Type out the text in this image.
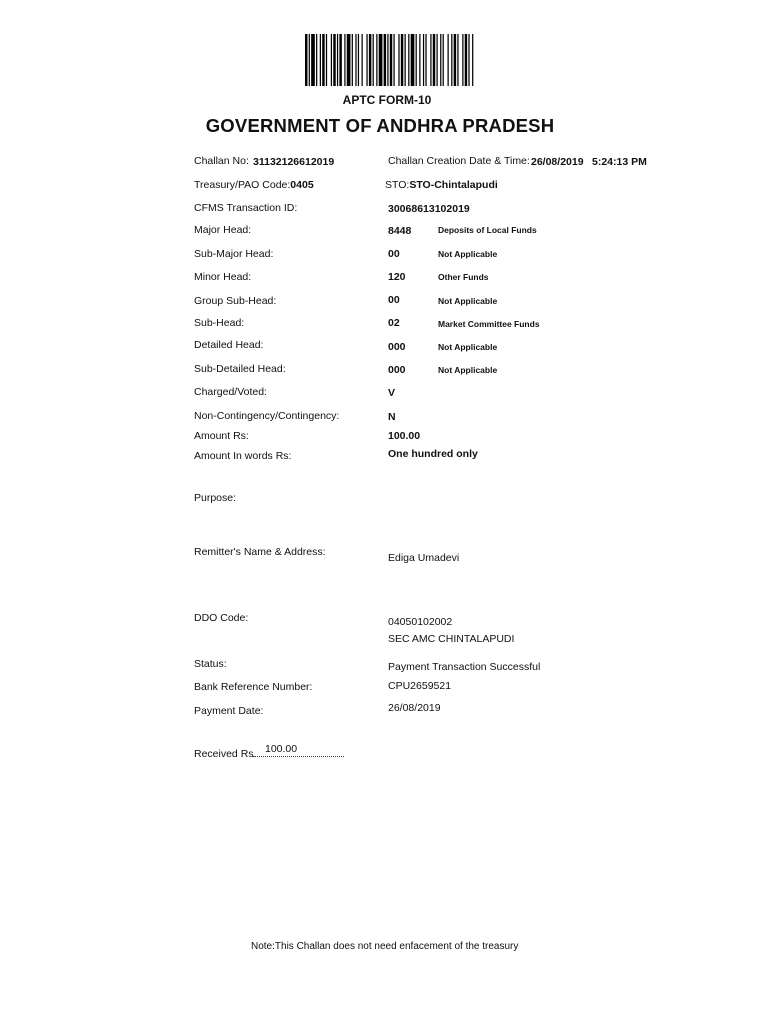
APTC FORM-10
GOVERNMENT OF ANDHRA PRADESH
Challan No: 31132126612019	Challan Creation Date & Time: 26/08/2019 5:24:13 PM
Treasury/PAO Code:0405	STO:STO-Chintalapudi
CFMS Transaction ID:	30068613102019
Major Head:	8448	Deposits of Local Funds
Sub-Major Head:	00	Not Applicable
Minor Head:	120	Other Funds
Group Sub-Head:	00	Not Applicable
Sub-Head:	02	Market Committee Funds
Detailed Head:	000	Not Applicable
Sub-Detailed Head:	000	Not Applicable
Charged/Voted:	V
Non-Contingency/Contingency:	N
Amount Rs:	100.00
Amount In words Rs:	One hundred only
Purpose:
Remitter's Name & Address:	Ediga Umadevi
DDO Code:	04050102002
SEC AMC CHINTALAPUDI
Status:	Payment Transaction Successful
Bank Reference Number:	CPU2659521
Payment Date:	26/08/2019
Received Rs. 100.00
Note:This Challan does not need enfacement of the treasury
